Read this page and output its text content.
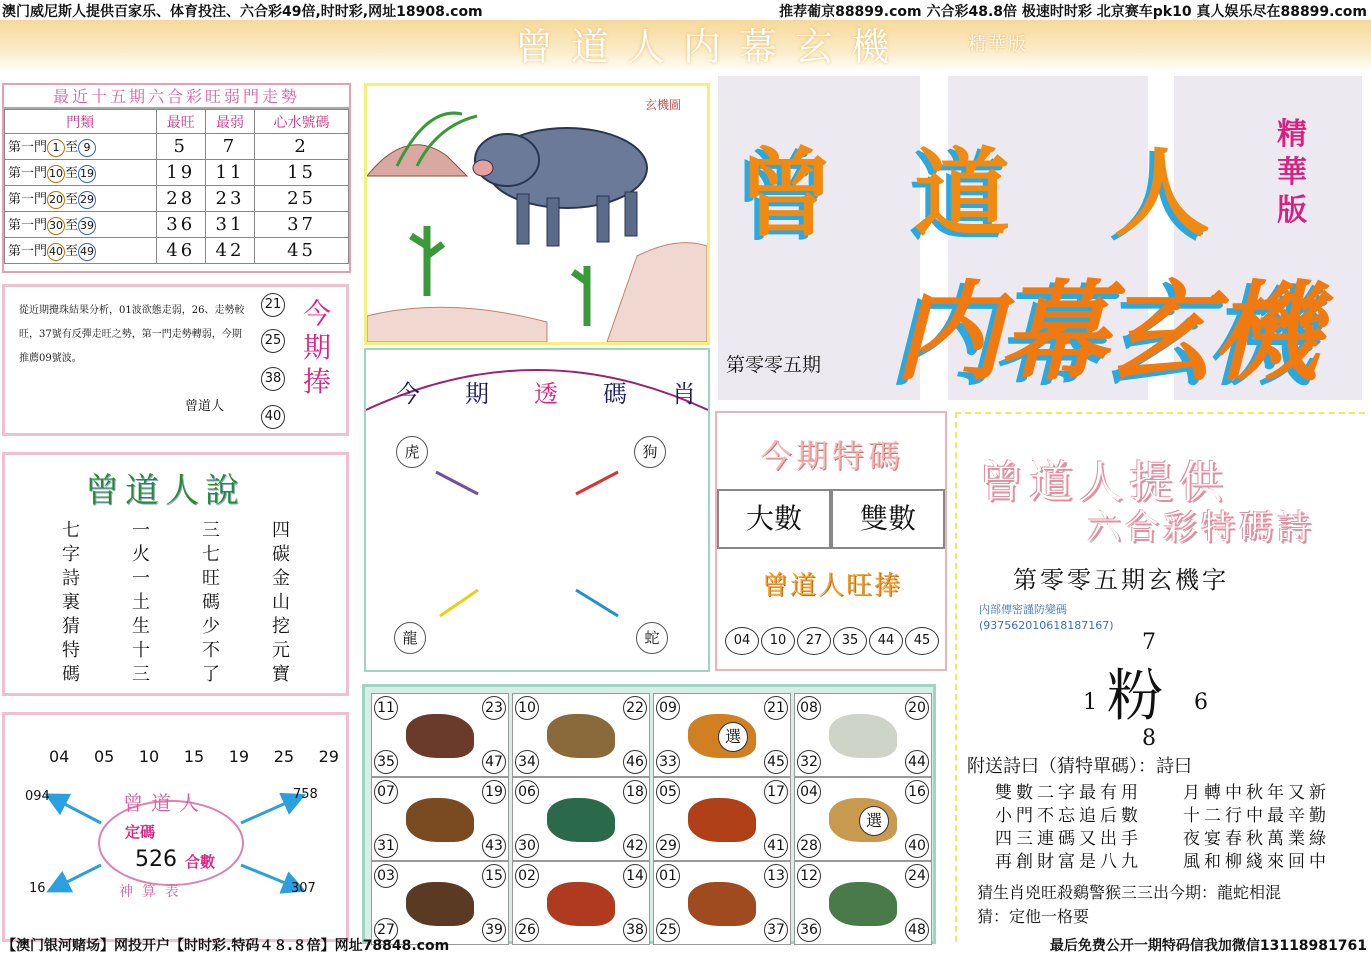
澳门威尼斯人提供百家乐、体育投注、六合彩49倍,时时彩,网址18908.com	推荐葡京88899.com 六合彩48.8倍 极速时时彩 北京赛车pk10 真人娱乐尽在88899.com
曾道人内幕玄機	精華版
最近十五期六合彩旺弱門走勢
門類	最旺	最弱	心水號碼
第一門 1 至 9	5	7	2
第一門 10 至 19	19	11	15
第一門 20 至 29	28	23	25
第一門 30 至 39	36	31	37
第一門 40 至 49	46	42	45
從近期攪珠結果分析，01波欲態走弱，26、走勢較旺，37號有反彈走旺之勢，第一門走勢轉弱，今期推薦09號波。
曾道人
21
25
38
40
今期捧
曾道人說
七
字
詩
裏
猜
特
碼
一
火
一
土
生
十
三
三
七
旺
碼
少
不
了
四
碳
金
山
挖
元
寶
04 05 10 15 19 25 29
曾道人
定碼
526 合數
094	758
16	307
神  算  表
玄機圖
今 期 透 碼 肖
虎	狗
龍	蛇
曾 道 人
内幕玄機
精華版
第零零五期
今期特碼
大數	雙數
曾道人旺捧
04	10	27	35	44	45
11	23
35	47
10	22
34	46
09	21
33	45
選
08	20
32	44
07	19
31	43
06	18
30	42
05	17
29	41
04	16
28	40
選
03	15
27	39
02	14
26	38
01	13
25	37
12	24
36	48
曾道人提供
六合彩特碼詩
第零零五期玄機字
内部傳密謹防變碼
(937562010618187167)
粉
7
1	6
8
附送詩曰（猜特單碼）：詩曰
雙數二字最有用
小門不忘追后數
四三連碼又出手
再創財富是八九
月轉中秋年又新
十二行中最辛勤
夜宴春秋萬業綠
風和柳綫來回中
猜生肖兇旺殺鷄警猴三三出今期：龍蛇相混
猜：定他一格要
【澳门银河赌场】网投开户【时时彩.特码４８.８倍】网址78848.com	最后免费公开一期特码信我加微信13118981761
